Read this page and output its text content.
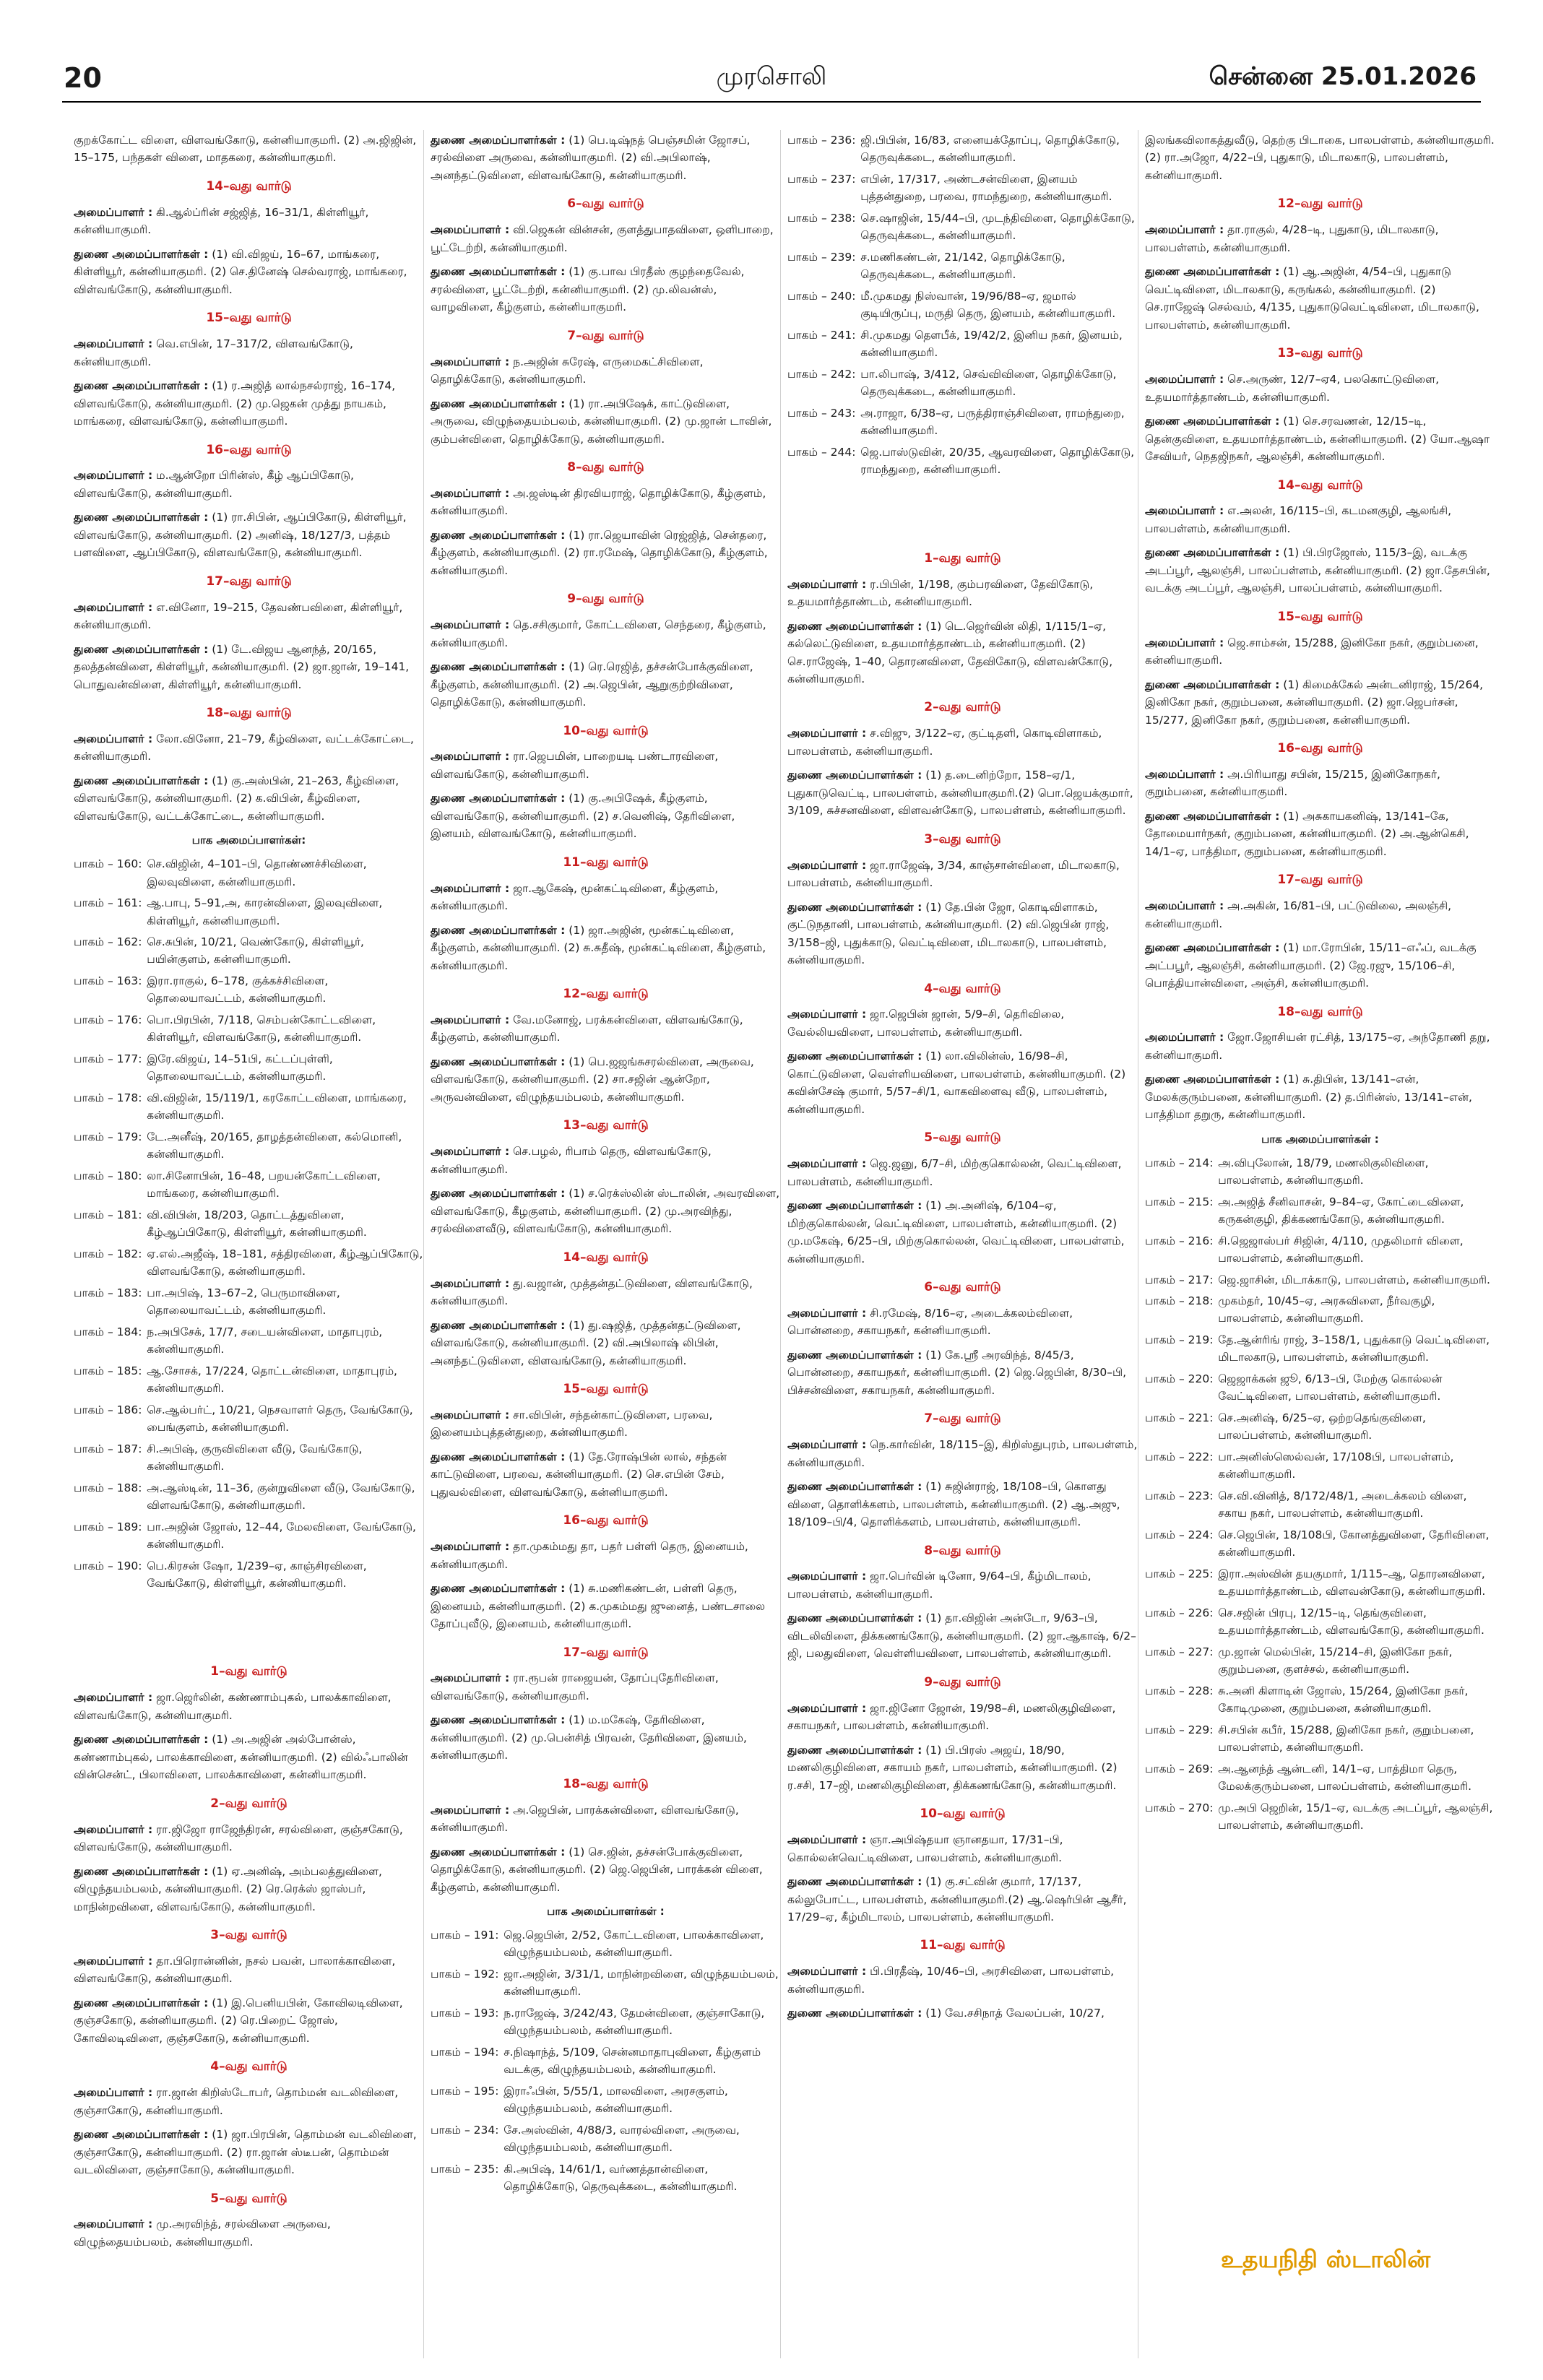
20	முரசொலி	சென்னை 25.01.2026

குறக்கோட்ட விளை, விளவங்கோடு, கன்னியாகுமரி. (2) அ.ஜிஜின், 15–175, பந்தகள் விளை, மாதகரை, கன்னியாகுமரி.

14–வது வார்டு

அமைப்பாளர் : கி.ஆல்ப்ரின் சஜ்ஜித், 16–31/1, கிள்ளியூர், கன்னியாகுமரி.

துணை அமைப்பாளர்கள் : (1) வி.விஜய், 16–67, மாங்கரை, கிள்ளியூர், கன்னியாகுமரி. (2) செ.தினேஷ் செல்வராஜ், மாங்கரை, விள்வங்கோடு, கன்னியாகுமரி.

15–வது வார்டு

அமைப்பாளர் : வெ.எபின், 17–317/2, விளவங்கோடு, கன்னியாகுமரி.

துணை அமைப்பாளர்கள் : (1) ர.அஜித் லால்நசல்ராஜ், 16–174, விளவங்கோடு, கன்னியாகுமரி. (2) மு.ஜெகன் முத்து நாயகம், மாங்கரை, விளவங்கோடு, கன்னியாகுமரி.

16–வது வார்டு

அமைப்பாளர் : ம.ஆன்றோ பிரின்ஸ், கீழ் ஆப்பிகோடு, விளவங்கோடு, கன்னியாகுமரி.

துணை அமைப்பாளர்கள் : (1) ரா.சிபின், ஆப்பிகோடு, கிள்ளியூர், விளவங்கோடு, கன்னியாகுமரி. (2) அனிஷ், 18/127/3, பத்தம் பளவிளை, ஆப்பிகோடு, விளவங்கோடு, கன்னியாகுமரி.

17–வது வார்டு

அமைப்பாளர் : எ.வினோ, 19–215, தேவண்பவிளை, கிள்ளியூர், கன்னியாகுமரி.

துணை அமைப்பாளர்கள் : (1) டே.விஜய ஆனந்த், 20/165, தலத்தன்விளை, கிள்ளியூர், கன்னியாகுமரி. (2) ஜா.ஜான், 19–141, பொதுவன்விளை, கிள்ளியூர், கன்னியாகுமரி.

18–வது வார்டு

அமைப்பாளர் : லோ.வினோ, 21–79, கீழ்விளை, வட்டக்கோட்டை, கன்னியாகுமரி.

துணை அமைப்பாளர்கள் : (1) கு.அஸ்பின், 21–263, கீழ்விளை, விளவங்கோடு, கன்னியாகுமரி. (2) க.விபின், கீழ்விளை, விளவங்கோடு, வட்டக்கோட்டை, கன்னியாகுமரி.

பாக அமைப்பாளர்கள்:
பாகம் – 160 : செ.விஜின், 4–101–பி, தொண்ணச்சிவிளை, இலவுவிளை, கன்னியாகுமரி.
பாகம் – 161 : ஆ.பாபு, 5–91,அ, காரன்விளை, இலவுவிளை, கிள்ளியூர், கன்னியாகுமரி.
பாகம் – 162 : செ.சுபின், 10/21, வெண்கோடு, கிள்ளியூர், பயின்குளம், கன்னியாகுமரி.
பாகம் – 163 : இரா.ராகுல், 6–178, குக்கச்சிவிளை, தொலையாவட்டம், கன்னியாகுமரி.
பாகம் – 176 : பொ.பிரபின், 7/118, செம்பன்கோட்டவிளை, கிள்ளியூர், விளவங்கோடு, கன்னியாகுமரி.
பாகம் – 177 : இரே.விஜய், 14–51பி, கட்டப்புள்ளி, தொலையாவட்டம், கன்னியாகுமரி.
பாகம் – 178 : வி.விஜின், 15/119/1, கரகோட்டவிளை, மாங்கரை, கன்னியாகுமரி.
பாகம் – 179 : டே.அனீஷ், 20/165, தாழத்தன்விளை, கல்மொனி, கன்னியாகுமரி.
பாகம் – 180 : லா.சினோபின், 16–48, பறயன்கோட்டவிளை, மாங்கரை, கன்னியாகுமரி.
பாகம் – 181 : வி.விபின், 18/203, தொட்டத்துவிளை, கீழ்ஆப்பிகோடு, கிள்ளியூர், கன்னியாகுமரி.
பாகம் – 182 : ஏ.எல்.அஜீஷ், 18–181, சத்திரவிளை, கீழ்ஆப்பிகோடு, விளவங்கோடு, கன்னியாகுமரி.
பாகம் – 183 : பா.அபிஷ், 13–67–2, பெருமாவிளை, தொலையாவட்டம், கன்னியாகுமரி.
பாகம் – 184 : ந.அபிசேக், 17/7, சடையன்விளை, மாதாபுரம், கன்னியாகுமரி.
பாகம் – 185 : ஆ.சோசக், 17/224, தொட்டன்விளை, மாதாபுரம், கன்னியாகுமரி.
பாகம் – 186 : செ.ஆல்பர்ட், 10/21, நெசவாளர் தெரு, வேங்கோடு, பைங்குளம், கன்னியாகுமரி.
பாகம் – 187 : சி.அபிஷ், குருவிவிளை வீடு, வேங்கோடு, கன்னியாகுமரி.
பாகம் – 188 : அ.ஆஸ்டின், 11–36, குன்றுவிளை வீடு, வேங்கோடு, விளவங்கோடு, கன்னியாகுமரி.
பாகம் – 189 : பா.அஜின் ஜோஸ், 12–44, மேலவிளை, வேங்கோடு, கன்னியாகுமரி.
பாகம் – 190 : பெ.கிரசன் ஷோ, 1/239–ஏ, காஞ்சிரவிளை, வேங்கோடு, கிள்ளியூர், கன்னியாகுமரி.
1–வது வார்டு

அமைப்பாளர் : ஜா.ஜெர்லின், கண்ணாம்புகல், பாலக்காவிளை, விளவங்கோடு, கன்னியாகுமரி.

துணை அமைப்பாளர்கள் : (1) அ.அஜின் அல்போன்ஸ், கண்ணாம்புகல், பாலக்காவிளை, கன்னியாகுமரி. (2) வில்ஃபாலின் வின்சென்ட், பிலாவிளை, பாலக்காவிளை, கன்னியாகுமரி.

2–வது வார்டு

அமைப்பாளர் : ரா.ஜிஜோ ராஜேந்திரன், சரல்விளை, குஞ்சகோடு, விளவங்கோடு, கன்னியாகுமரி.

துணை அமைப்பாளர்கள் : (1) ஏ.அனிஷ், அம்பலத்துவிளை, விழுந்தயம்பலம், கன்னியாகுமரி. (2) ரெ.ரெக்ஸ் ஜாஸ்பர், மாநின்றவிளை, விளவங்கோடு, கன்னியாகுமரி.

3–வது வார்டு

அமைப்பாளர் : தா.பிரொன்னின், நசல் பவன், பாலாக்காவிளை, விளவங்கோடு, கன்னியாகுமரி.

துணை அமைப்பாளர்கள் : (1) இ.பெனியபின், கோவிலடிவிளை, குஞ்சகோடு, கன்னியாகுமரி. (2) ரெ.பிறைட் ஜோஸ், கோவிலடிவிளை, குஞ்சகோடு, கன்னியாகுமரி.

4–வது வார்டு

அமைப்பாளர் : ரா.ஜான் கிறிஸ்டோபர், தொம்மன் வடலிவிளை, குஞ்சாகோடு, கன்னியாகுமரி.

துணை அமைப்பாளர்கள் : (1) ஜா.பிரபின், தொம்மன் வடலிவிளை, குஞ்சாகோடு, கன்னியாகுமரி. (2) ரா.ஜான் ஸ்டீபன், தொம்மன் வடலிவிளை, குஞ்சாகோடு, கன்னியாகுமரி.

5–வது வார்டு

அமைப்பாளர் : மு.அரவிந்த், சரல்விளை அருவை, விழுந்தையம்பலம், கன்னியாகுமரி.

துணை அமைப்பாளர்கள் : (1) பெ.டிஷ்நத் பெஞ்சமின் ஜோசப், சரல்விளை அருவை, கன்னியாகுமரி. (2) வி.அபிலாஷ், அனந்தட்டுவிளை, விளவங்கோடு, கன்னியாகுமரி.

6–வது வார்டு

அமைப்பாளர் : வி.ஜெகன் வின்சன், குளத்துபாதவிளை, ஒளிபாறை, பூட்டேற்றி, கன்னியாகுமரி.

துணை அமைப்பாளர்கள் : (1) கு.பாவ பிரதீஸ் குழந்தைவேல், சரல்விளை, பூட்டேற்றி, கன்னியாகுமரி. (2) மு.லிவன்ஸ், வாழவிளை, கீழ்குளம், கன்னியாகுமரி.

7–வது வார்டு

அமைப்பாளர் : ந.அஜின் சுரேஷ், எருமைகட்சிவிளை, தொழிக்கோடு, கன்னியாகுமரி.

துணை அமைப்பாளர்கள் : (1) ரா.அபிஷேக், காட்டுவிளை, அருவை, விழுந்தையம்பலம், கன்னியாகுமரி. (2) மு.ஜான் டாவின், கும்பன்விளை, தொழிக்கோடு, கன்னியாகுமரி.

8–வது வார்டு

அமைப்பாளர் : அ.ஜஸ்டின் திரவியராஜ், தொழிக்கோடு, கீழ்குளம், கன்னியாகுமரி.

துணை அமைப்பாளர்கள் : (1) ரா.ஜெயாவின் ரெஜ்ஜித், சென்தரை, கீழ்குளம், கன்னியாகுமரி. (2) ரா.ரமேஷ், தொழிக்கோடு, கீழ்குளம், கன்னியாகுமரி.

9–வது வார்டு

அமைப்பாளர் : தெ.சசிகுமார், கோட்டவிளை, செந்தரை, கீழ்குளம், கன்னியாகுமரி.

துணை அமைப்பாளர்கள் : (1) ரெ.ரெஜித், தச்சன்போக்குவிளை, கீழ்குளம், கன்னியாகுமரி. (2) அ.ஜெபின், ஆறுகுற்றிவிளை, தொழிக்கோடு, கன்னியாகுமரி.

10–வது வார்டு

அமைப்பாளர் : ரா.ஜெபமின், பாறையடி பண்டாரவிளை, விளவங்கோடு, கன்னியாகுமரி.

துணை அமைப்பாளர்கள் : (1) கு.அபிஷேக், கீழ்குளம், விளவங்கோடு, கன்னியாகுமரி. (2) ச.வெனிஷ், தேரிவிளை, இனயம், விளவங்கோடு, கன்னியாகுமரி.

11–வது வார்டு

அமைப்பாளர் : ஜா.ஆகேஷ், மூன்கட்டிவிளை, கீழ்குளம், கன்னியாகுமரி.

துணை அமைப்பாளர்கள் : (1) ஜா.அஜின், மூன்கட்டிவிளை, கீழ்குளம், கன்னியாகுமரி. (2) சு.சுதீஷ், மூன்கட்டிவிளை, கீழ்குளம், கன்னியாகுமரி.

12–வது வார்டு

அமைப்பாளர் : வே.மனோஜ், பரக்கன்விளை, விளவங்கோடு, கீழ்குளம், கன்னியாகுமரி.

துணை அமைப்பாளர்கள் : (1) பெ.ஜஜங்சுசரல்விளை, அருவை, விளவங்கோடு, கன்னியாகுமரி. (2) சா.சஜின் ஆன்றோ, அருவன்விளை, விழுந்தயம்பலம், கன்னியாகுமரி.

13–வது வார்டு

அமைப்பாளர் : செ.பழல், ரிபாம் தெரு, விளவங்கோடு, கன்னியாகுமரி.

துணை அமைப்பாளர்கள் : (1) ச.ரெக்ஸ்லின் ஸ்டாலின், அவரவிளை, விளவங்கோடு, கீழகுளம், கன்னியாகுமரி. (2) மு.அரவிந்து, சரல்விளைவீடு, விளவங்கோடு, கன்னியாகுமரி.

14–வது வார்டு

அமைப்பாளர் : து.வஜான், முத்தன்தட்டுவிளை, விளவங்கோடு, கன்னியாகுமரி.

துணை அமைப்பாளர்கள் : (1) து.ஷஜித், முத்தன்தட்டுவிளை, விளவங்கோடு, கன்னியாகுமரி. (2) வி.அபிலாஷ் லிபின், அனந்தட்டுவிளை, விளவங்கோடு, கன்னியாகுமரி.

15–வது வார்டு

அமைப்பாளர் : சா.விபின், சந்தன்காட்டுவிளை, பரவை, இனையம்புத்தன்துறை, கன்னியாகுமரி.

துணை அமைப்பாளர்கள் : (1) தே.ரோஷ்பின் லால், சந்தன் காட்டுவிளை, பரவை, கன்னியாகுமரி. (2) செ.எபின் சேம், புதுவல்விளை, விளவங்கோடு, கன்னியாகுமரி.

16–வது வார்டு

அமைப்பாளர் : தா.முகம்மது தா, பதர் பள்ளி தெரு, இனையம், கன்னியாகுமரி.

துணை அமைப்பாளர்கள் : (1) சு.மணிகண்டன், பள்ளி தெரு, இனையம், கன்னியாகுமரி. (2) க.முகம்மது ஜுனைத், பண்டசாலை தோப்புவீடு, இனையம், கன்னியாகுமரி.

17–வது வார்டு

அமைப்பாளர் : ரா.ரூபன் ராஜையன், தோப்புதேரிவிளை, விளவங்கோடு, கன்னியாகுமரி.

துணை அமைப்பாளர்கள் : (1) ம.மகேஷ், தேரிவிளை, கன்னியாகுமரி. (2) மு.பென்சித் பிரவன், தேரிவிளை, இனயம், கன்னியாகுமரி.

18–வது வார்டு

அமைப்பாளர் : அ.ஜெபின், பாரக்கன்விளை, விளவங்கோடு, கன்னியாகுமரி.

துணை அமைப்பாளர்கள் : (1) செ.ஜின், தச்சன்போக்குவிளை, தொழிக்கோடு, கன்னியாகுமரி. (2) ஜெ.ஜெபின், பாரக்கன் விளை, கீழ்குளம், கன்னியாகுமரி.

பாக அமைப்பாளர்கள் :
பாகம் – 191 : ஜெ.ஜெபின், 2/52, கோட்டவிளை, பாலக்காவிளை, விழுந்தயம்பலம், கன்னியாகுமரி.
பாகம் – 192 : ஜா.அஜின், 3/31/1, மாநின்றவிளை, விழுந்தயம்பலம், கன்னியாகுமரி.
பாகம் – 193 : ந.ராஜேஷ், 3/242/43, தேமன்விளை, குஞ்சாகோடு, விழுந்தயம்பலம், கன்னியாகுமரி.
பாகம் – 194 : ச.நிஷாந்த், 5/109, சென்னமாதாபுவிளை, கீழ்குளம் வடக்கு, விழுந்தயம்பலம், கன்னியாகுமரி.
பாகம் – 195 : இராஃபின், 5/55/1, மாலவிளை, அரசகுளம், விழுந்தயம்பலம், கன்னியாகுமரி.
பாகம் – 234 : சே.அஸ்வின், 4/88/3, வாரல்விளை, அருவை, விழுந்தயம்பலம், கன்னியாகுமரி.
பாகம் – 235 : கி.அபிஷ், 14/61/1, வர்ணத்தான்விளை, தொழிக்கோடு, தெருவுக்கடை, கன்னியாகுமரி.
பாகம் – 236 : ஜி.பிபின், 16/83, எனையக்தோப்பு, தொழிக்கோடு, தெருவுக்கடை, கன்னியாகுமரி.
பாகம் – 237 : எபின், 17/317, அண்டசன்விளை, இனயம் புத்தன்துறை, பரவை, ராமந்துறை, கன்னியாகுமரி.
பாகம் – 238 : செ.ஷாஜின், 15/44–பி, முடந்திவிளை, தொழிக்கோடு, தெருவுக்கடை, கன்னியாகுமரி.
பாகம் – 239 : ச.மணிகண்டன், 21/142, தொழிக்கோடு, தெருவுக்கடை, கன்னியாகுமரி.
பாகம் – 240 : மீ.முகமது நிஸ்வான், 19/96/88–ஏ, ஜமால் குடியிருப்பு, மருதி தெரு, இனயம், கன்னியாகுமரி.
பாகம் – 241 : சி.முகமது தௌபீக், 19/42/2, இனிய நகர், இனயம், கன்னியாகுமரி.
பாகம் – 242 : பா.லிபாஷ், 3/412, செவ்விவிளை, தொழிக்கோடு, தெருவுக்கடை, கன்னியாகுமரி.
பாகம் – 243 : அ.ராஜா, 6/38–ஏ, பருத்திராஞ்சிவிளை, ராமந்துறை, கன்னியாகுமரி.
பாகம் – 244 : ஜெ.பாஸ்டுவின், 20/35, ஆவரவிளை, தொழிக்கோடு, ராமந்துறை, கன்னியாகுமரி.
1–வது வார்டு

அமைப்பாளர் : ர.பிபின், 1/198, கும்பரவிளை, தேவிகோடு, உதயமார்த்தாண்டம், கன்னியாகுமரி.

துணை அமைப்பாளர்கள் : (1) டெ.ஜெர்வின் லிதி, 1/115/1–ஏ, கல்லெட்டுவிளை, உதயமார்த்தாண்டம், கன்னியாகுமரி. (2) செ.ராஜேஷ், 1–40, தொரனவிளை, தேவிகோடு, விளவன்கோடு, கன்னியாகுமரி.

2–வது வார்டு

அமைப்பாளர் : ச.விஜு, 3/122–ஏ, குட்டிதளி, கொடிவிளாகம், பாலபள்ளம், கன்னியாகுமரி.

துணை அமைப்பாளர்கள் : (1) த.டைனிற்றோ, 158–ஏ/1, புதுகாடுவெட்டி, பாலபள்ளம், கன்னியாகுமரி.(2) பொ.ஜெயக்குமார், 3/109, சுச்சனவிளை, விளவன்கோடு, பாலபள்ளம், கன்னியாகுமரி.

3–வது வார்டு

அமைப்பாளர் : ஜா.ராஜேஷ், 3/34, காஞ்சான்விளை, மிடாலகாடு, பாலபள்ளம், கன்னியாகுமரி.

துணை அமைப்பாளர்கள் : (1) தே.பின் ஜோ, கொடிவிளாகம், குட்டுநதானி, பாலபள்ளம், கன்னியாகுமரி. (2) வி.ஜெபின் ராஜ், 3/158–ஜி, புதுக்காடு, வெட்டிவிளை, மிடாலகாடு, பாலபள்ளம், கன்னியாகுமரி.

4–வது வார்டு

அமைப்பாளர் : ஜா.ஜெபின் ஜான், 5/9–சி, தெரிவிலை, வேல்லியவிளை, பாலபள்ளம், கன்னியாகுமரி.

துணை அமைப்பாளர்கள் : (1) லா.விலின்ஸ், 16/98–சி, கொட்டுவிளை, வெள்ளியவிளை, பாலபள்ளம், கன்னியாகுமரி. (2) கவின்சேஷ் குமார், 5/57–சி/1, வாகவிளைவு வீடு, பாலபள்ளம், கன்னியாகுமரி.

5–வது வார்டு

அமைப்பாளர் : ஜெ.ஜனு, 6/7–சி, மிற்குகொல்லன், வெட்டிவிளை, பாலபள்ளம், கன்னியாகுமரி.

துணை அமைப்பாளர்கள் : (1) அ.அனிஷ், 6/104–ஏ, மிற்குகொல்லன், வெட்டிவிளை, பாலபள்ளம், கன்னியாகுமரி. (2) மு.மகேஷ், 6/25–பி, மிற்குகொல்லன், வெட்டிவிளை, பாலபள்ளம், கன்னியாகுமரி.

6–வது வார்டு

அமைப்பாளர் : சி.ரமேஷ், 8/16–ஏ, அடைக்கலம்விளை, பொன்னறை, சகாயநகர், கன்னியாகுமரி.

துணை அமைப்பாளர்கள் : (1) கே.ஸ்ரீ அரவிந்த், 8/45/3, பொன்னறை, சகாயநகர், கன்னியாகுமரி. (2) ஜெ.ஜெபின், 8/30–பி, பிச்சன்விளை, சகாயநகர், கன்னியாகுமரி.

7–வது வார்டு

அமைப்பாளர் : நெ.கார்வின், 18/115–இ, கிறிஸ்துபுரம், பாலபள்ளம், கன்னியாகுமரி.

துணை அமைப்பாளர்கள் : (1) சுஜின்ராஜ், 18/108–பி, கொளது விளை, தொளிக்களம், பாலபள்ளம், கன்னியாகுமரி. (2) ஆ.அஜு, 18/109–பி/4, தொளிக்களம், பாலபள்ளம், கன்னியாகுமரி.

8–வது வார்டு

அமைப்பாளர் : ஜா.பெர்வின் டினோ, 9/64–பி, கீழ்மிடாலம், பாலபள்ளம், கன்னியாகுமரி.

துணை அமைப்பாளர்கள் : (1) தா.விஜின் அன்டோ, 9/63–பி, விடலிவிளை, திக்கணங்கோடு, கன்னியாகுமரி. (2) ஜா.ஆகாஷ், 6/2–ஜி, பலதுவிளை, வெள்ளியவிளை, பாலபள்ளம், கன்னியாகுமரி.

9–வது வார்டு

அமைப்பாளர் : ஜா.ஜினோ ஜோன், 19/98–சி, மணலிகுழிவிளை, சகாயநகர், பாலபள்ளம், கன்னியாகுமரி.

துணை அமைப்பாளர்கள் : (1) பி.பிரஸ் அஜய், 18/90, மணலிகுழிவிளை, சகாயம் நகர், பாலபள்ளம், கன்னியாகுமரி. (2) ர.சசி, 17–ஜி, மணலிகுழிவிளை, திக்கணங்கோடு, கன்னியாகுமரி.

10–வது வார்டு

அமைப்பாளர் : ஞா.அபிஷ்தயா ஞானதயா, 17/31–பி, கொல்லன்வெட்டிவிளை, பாலபள்ளம், கன்னியாகுமரி.

துணை அமைப்பாளர்கள் : (1) கு.சட்வின் குமார், 17/137, கல்லுபோட்ட, பாலபள்ளம், கன்னியாகுமரி.(2) ஆ.ஷெர்பின் ஆசீர், 17/29–ஏ, கீழ்மிடாலம், பாலபள்ளம், கன்னியாகுமரி.

11–வது வார்டு

அமைப்பாளர் : பி.பிரதீஷ், 10/46–பி, அரசிவிளை, பாலபள்ளம், கன்னியாகுமரி.

துணை அமைப்பாளர்கள் : (1) வே.சசிநாத் வேலப்பன், 10/27,

இலங்கவிலாகத்துவீடு, தெற்கு பிடாகை, பாலபள்ளம், கன்னியாகுமரி. (2) ரா.அஜோ, 4/22–பி, புதுகாடு, மிடாலகாடு, பாலபள்ளம், கன்னியாகுமரி.

12–வது வார்டு

அமைப்பாளர் : தா.ராகுல், 4/28–டி, புதுகாடு, மிடாலகாடு, பாலபள்ளம், கன்னியாகுமரி.

துணை அமைப்பாளர்கள் : (1) ஆ.அஜின், 4/54–பி, புதுகாடு வெட்டிவிளை, மிடாலகாடு, கருங்கல், கன்னியாகுமரி. (2) செ.ராஜேஷ் செல்வம், 4/135, புதுகாடுவெட்டிவிளை, மிடாலகாடு, பாலபள்ளம், கன்னியாகுமரி.

13–வது வார்டு

அமைப்பாளர் : செ.அருண், 12/7–ஏ4, பலகொட்டுவிளை, உதயமார்த்தாண்டம், கன்னியாகுமரி.

துணை அமைப்பாளர்கள் : (1) செ.சரவணன், 12/15–டி, தென்குவிளை, உதயமார்த்தாண்டம், கன்னியாகுமரி. (2) யோ.ஆஷா சேவியர், நெதஜிநகர், ஆலஞ்சி, கன்னியாகுமரி.

14–வது வார்டு

அமைப்பாளர் : எ.அலன், 16/115–பி, கடமனகுழி, ஆலங்சி, பாலபள்ளம், கன்னியாகுமரி.

துணை அமைப்பாளர்கள் : (1) பி.பிரஜோஸ், 115/3–இ, வடக்கு அடப்பூர், ஆலஞ்சி, பாலப்பள்ளம், கன்னியாகுமரி. (2) ஜா.தேசபின், வடக்கு அடப்பூர், ஆலஞ்சி, பாலப்பள்ளம், கன்னியாகுமரி.

15–வது வார்டு

அமைப்பாளர் : ஜெ.சாம்சன், 15/288, இனிகோ நகர், குறும்பனை, கன்னியாகுமரி.

துணை அமைப்பாளர்கள் : (1) கிமைக்கேல் அன்டனிராஜ், 15/264, இனிகோ நகர், குறும்பனை, கன்னியாகுமரி. (2) ஜா.ஜெபர்சன், 15/277, இனிகோ நகர், குறும்பனை, கன்னியாகுமரி.

16–வது வார்டு

அமைப்பாளர் : அ.பிரியாது சபின், 15/215, இனிகோநகர், குறும்பனை, கன்னியாகுமரி.

துணை அமைப்பாளர்கள் : (1) அசுகாயகனிஷ், 13/141–கே, தோமையார்நகர், குறும்பனை, கன்னியாகுமரி. (2) அ.ஆன்கெசி, 14/1–ஏ, பாத்திமா, குறும்பனை, கன்னியாகுமரி.

17–வது வார்டு

அமைப்பாளர் : அ.அகின், 16/81–பி, பட்டுவிலை, அலஞ்சி, கன்னியாகுமரி.

துணை அமைப்பாளர்கள் : (1) மா.ரோபின், 15/11–எஃப், வடக்கு அட்பபூர், ஆலஞ்சி, கன்னியாகுமரி. (2) ஜே.ரஜு, 15/106–சி, பொத்தியான்விளை, அஞ்சி, கன்னியாகுமரி.

18–வது வார்டு

அமைப்பாளர் : ஜோ.ஜோசியன் ரட்சித், 13/175–ஏ, அந்தோணி தறு, கன்னியாகுமரி.

துணை அமைப்பாளர்கள் : (1) சு.திபின், 13/141–என், மேலக்குரும்பனை, கன்னியாகுமரி. (2) த.பிரின்ஸ், 13/141–என், பாத்திமா தறுரு, கன்னியாகுமரி.

பாக அமைப்பாளர்கள் :
பாகம் – 214 : அ.விபுலோன், 18/79, மணலிகுலிவிளை, பாலபள்ளம், கன்னியாகுமரி.
பாகம் – 215 : அ.அஜித் சீனிவாசன், 9–84–ஏ, கோட்டைவிளை, கருகன்குழி, திக்கணங்கோடு, கன்னியாகுமரி.
பாகம் – 216 : சி.ஜெஜாஸ்பர் சிஜின், 4/110, முதலிமார் விளை, பாலபள்ளம், கன்னியாகுமரி.
பாகம் – 217 : ஜெ.ஜாசின், மிடாக்காடு, பாலபள்ளம், கன்னியாகுமரி.
பாகம் – 218 : முகம்தர், 10/45–ஏ, அரசுவிளை, நீர்வகுழி, பாலபள்ளம், கன்னியாகுமரி.
பாகம் – 219 : தே.ஆன்ரிங் ராஜ், 3–158/1, புதுக்காடு வெட்டிவிளை, மிடாலகாடு, பாலபள்ளம், கன்னியாகுமரி.
பாகம் – 220 : ஜெஜாக்கன் ஜூ, 6/13–பி, மேற்கு கொல்லன் வேட்டிவிளை, பாலபள்ளம், கன்னியாகுமரி.
பாகம் – 221 : செ.அனிஷ், 6/25–ஏ, ஒற்றதெங்குவிளை, பாலப்பள்ளம், கன்னியாகுமரி.
பாகம் – 222 : பா.அனிஸ்ஸெல்வன், 17/108பி, பாலபள்ளம், கன்னியாகுமரி.
பாகம் – 223 : செ.வி.வினித், 8/172/48/1, அடைக்கலம் விளை, சகாய நகர், பாலபள்ளம், கன்னியாகுமரி.
பாகம் – 224 : செ.ஜெபின், 18/108பி, கோனத்துவிளை, தேரிவிளை, கன்னியாகுமரி.
பாகம் – 225 : இரா.அஸ்வின் தயகுமார், 1/115–ஆ, தொரனவிளை, உதயமார்த்தாண்டம், விளவன்கோடு, கன்னியாகுமரி.
பாகம் – 226 : செ.சஜின் பிரபு, 12/15–டி, தெங்குவிளை, உதயமார்த்தாண்டம், விளவங்கோடு, கன்னியாகுமரி.
பாகம் – 227 : மு.ஜான் மெல்பின், 15/214–சி, இனிகோ நகர், குறும்பனை, குளச்சல், கன்னியாகுமரி.
பாகம் – 228 : சு.அனி கிளாடின் ஜோஸ், 15/264, இனிகோ நகர், கோடிமுனை, குறும்பனை, கன்னியாகுமரி.
பாகம் – 229 : சி.சபின் கபீர், 15/288, இனிகோ நகர், குறும்பனை, பாலபள்ளம், கன்னியாகுமரி.
பாகம் – 269 : அ.ஆனந்த் ஆன்டனி, 14/1–ஏ, பாத்திமா தெரு, மேலக்குரும்பனை, பாலப்பள்ளம், கன்னியாகுமரி.
பாகம் – 270 : மு.அபி ஜெறின், 15/1–ஏ, வடக்கு அடப்பூர், ஆலஞ்சி, பாலபள்ளம், கன்னியாகுமரி.
உதயநிதி ஸ்டாலின்
